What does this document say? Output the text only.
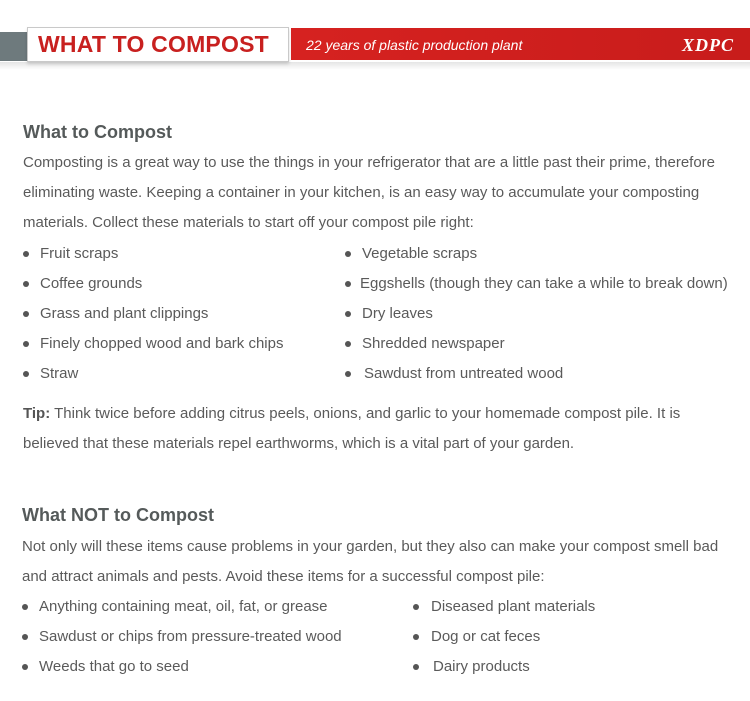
WHAT TO COMPOST	22 years of plastic production plant	XDPC
What to Compost

Composting is a great way to use the things in your refrigerator that are a little past their prime, therefore eliminating waste. Keeping a container in your kitchen, is an easy way to accumulate your composting materials. Collect these materials to start off your compost pile right:

Fruit scraps
Coffee grounds
Grass and plant clippings
Finely chopped wood and bark chips
Straw
Vegetable scraps
Eggshells (though they can take a while to break down)
Dry leaves
Shredded newspaper
Sawdust from untreated wood

Tip: Think twice before adding citrus peels, onions, and garlic to your homemade compost pile. It is believed that these materials repel earthworms, which is a vital part of your garden.

What NOT to Compost

Not only will these items cause problems in your garden, but they also can make your compost smell bad and attract animals and pests. Avoid these items for a successful compost pile:

Anything containing meat, oil, fat, or grease
Sawdust or chips from pressure-treated wood
Weeds that go to seed
Diseased plant materials
Dog or cat feces
Dairy products
